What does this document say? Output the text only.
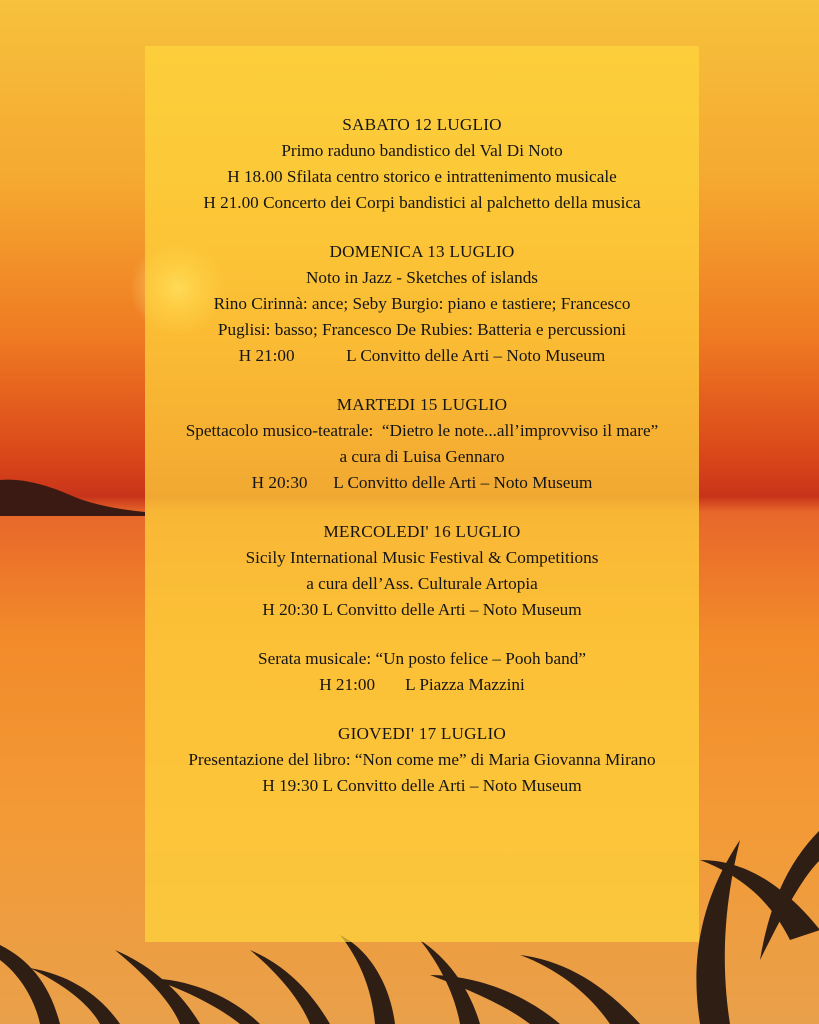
SABATO 12 LUGLIO
Primo raduno bandistico del Val Di Noto
H 18.00 Sfilata centro storico e intrattenimento musicale
H 21.00 Concerto dei Corpi bandistici al palchetto della musica
DOMENICA 13 LUGLIO
Noto in Jazz - Sketches of islands
Rino Cirinnà: ance; Seby Burgio: piano e tastiere; Francesco
Puglisi: basso; Francesco De Rubies: Batteria e percussioni
H 21:00            L Convitto delle Arti – Noto Museum
MARTEDI 15 LUGLIO
Spettacolo musico-teatrale:  “Dietro le note...all’improvviso il mare”
a cura di Luisa Gennaro
H 20:30      L Convitto delle Arti – Noto Museum
MERCOLEDI' 16 LUGLIO
Sicily International Music Festival & Competitions
a cura dell’Ass. Culturale Artopia
H 20:30 L Convitto delle Arti – Noto Museum
Serata musicale: “Un posto felice – Pooh band”
H 21:00       L Piazza Mazzini
GIOVEDI' 17 LUGLIO
Presentazione del libro: “Non come me” di Maria Giovanna Mirano
H 19:30 L Convitto delle Arti – Noto Museum
